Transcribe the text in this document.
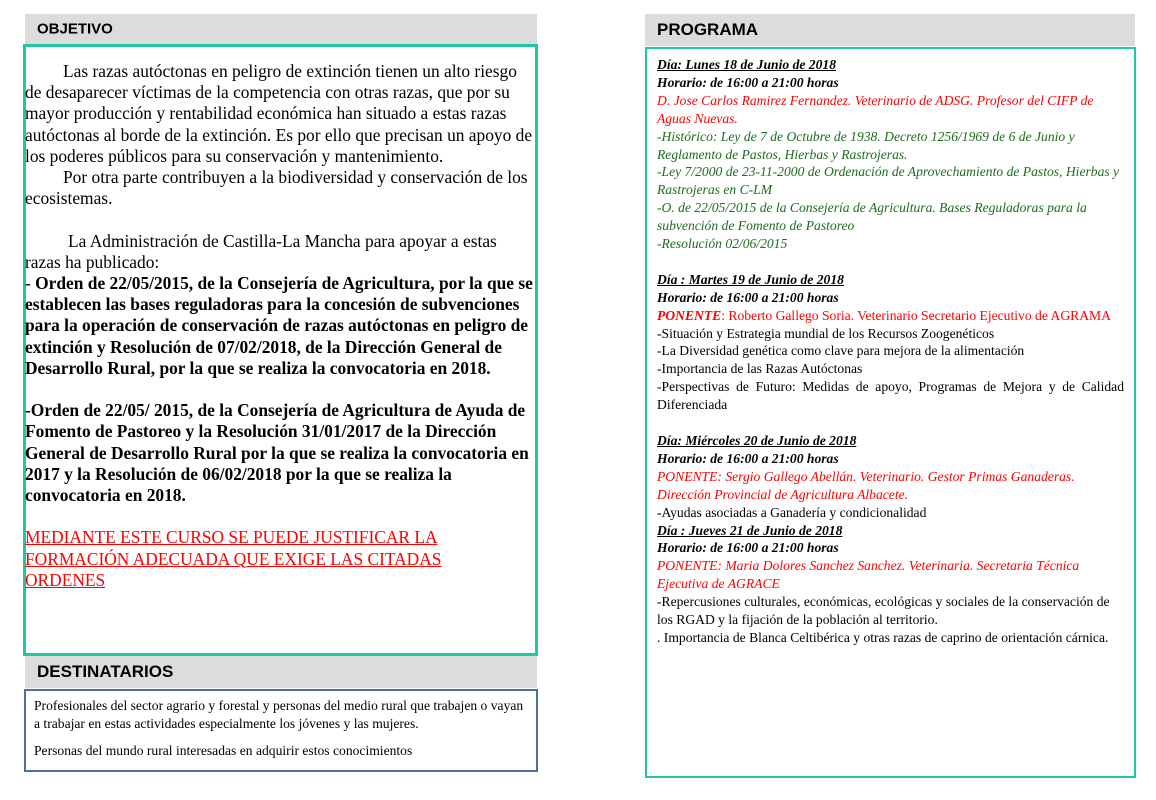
OBJETIVO

Las razas autóctonas en peligro de extinción tienen un alto riesgo de desaparecer víctimas de la competencia con otras razas, que por su mayor producción y rentabilidad económica han situado a estas razas autóctonas al borde de la extinción. Es por ello que precisan un apoyo de los poderes públicos para su conservación y mantenimiento.

Por otra parte contribuyen a la biodiversidad y conservación de los ecosistemas.

La Administración de Castilla-La Mancha para apoyar a estas razas ha publicado:

- Orden de 22/05/2015, de la Consejería de Agricultura, por la que se establecen las bases reguladoras para la concesión de subvenciones para la operación de conservación de razas autóctonas en peligro de extinción y Resolución de 07/02/2018, de la Dirección General de Desarrollo Rural, por la que se realiza la convocatoria en 2018.

-Orden de 22/05/ 2015, de la Consejería de Agricultura de Ayuda de Fomento de Pastoreo y la Resolución 31/01/2017 de la Dirección General de Desarrollo Rural por la que se realiza la convocatoria en 2017 y la Resolución de 06/02/2018 por la que se realiza la convocatoria en 2018.

MEDIANTE ESTE CURSO SE PUEDE JUSTIFICAR LA FORMACIÓN ADECUADA QUE EXIGE LAS CITADAS ORDENES

DESTINATARIOS

Profesionales del sector agrario y forestal y personas del medio rural que trabajen o vayan a trabajar en estas actividades especialmente los jóvenes y las mujeres.

Personas del mundo rural interesadas en adquirir estos conocimientos

PROGRAMA

Día: Lunes 18 de Junio de 2018

Horario: de 16:00 a 21:00 horas

D. Jose Carlos Ramirez Fernandez. Veterinario de ADSG. Profesor del CIFP de Aguas Nuevas.

-Histórico: Ley de 7 de Octubre de 1938. Decreto 1256/1969 de 6 de Junio y Reglamento de Pastos, Hierbas y Rastrojeras.

-Ley 7/2000 de 23-11-2000 de Ordenación de Aprovechamiento de Pastos, Hierbas y Rastrojeras en C-LM

-O. de 22/05/2015 de la Consejería de Agricultura. Bases Reguladoras para la subvención de Fomento de Pastoreo

-Resolución 02/06/2015

Día : Martes 19 de Junio de 2018

Horario: de 16:00 a 21:00 horas

PONENTE: Roberto Gallego Soria. Veterinario Secretario Ejecutivo de AGRAMA

-Situación y Estrategia mundial de los Recursos Zoogenéticos

-La Diversidad genética como clave para mejora de la alimentación

-Importancia de las Razas Autóctonas

-Perspectivas de Futuro: Medidas de apoyo, Programas de Mejora y de Calidad Diferenciada

Día: Miércoles 20 de Junio de 2018

Horario: de 16:00 a 21:00 horas

PONENTE: Sergio Gallego Abellán. Veterinario. Gestor Primas Ganaderas. Dirección Provincial de Agricultura Albacete.

-Ayudas asociadas a Ganadería y condicionalidad

Día : Jueves 21 de Junio de 2018

Horario: de 16:00 a 21:00 horas

PONENTE: Maria Dolores Sanchez Sanchez. Veterinaria. Secretaria Técnica Ejecutiva de AGRACE

-Repercusiones culturales, económicas, ecológicas y sociales de la conservación de los RGAD y la fijación de la población al territorio.

. Importancia de Blanca Celtibérica y otras razas de caprino de orientación cárnica.
